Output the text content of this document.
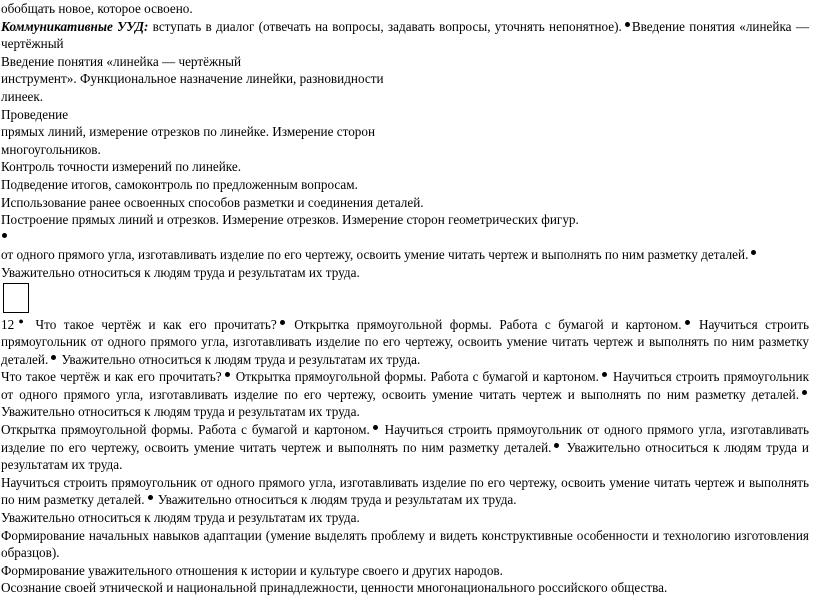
обобщать новое, которое освоено.

Коммуникативные УУД: вступать в диалог (отвечать на вопросы, задавать вопросы, уточнять непонятное). Введение понятия «линейка — чертёжный

Введение понятия «линейка — чертёжный

инструмент». Функциональное назначение линейки, разновидности

линеек.

Проведение

прямых линий, измерение отрезков по линейке. Измерение сторон

многоугольников.

Контроль точности измерений по линейке.

Подведение итогов, самоконтроль по предложенным вопросам.

Использование ранее освоенных способов разметки и соединения деталей.

Построение прямых линий и отрезков. Измерение отрезков. Измерение сторон геометрических фигур.

от одного прямого угла, изготавливать изделие по его чертежу, освоить умение читать чертеж и выполнять по ним разметку деталей. Уважительно относиться к людям труда и результатам их труда.

12● Что такое чертёж и как его прочитать? Открытка прямоугольной формы. Работа с бумагой и картоном. Научиться строить прямоугольник от одного прямого угла, изготавливать изделие по его чертежу, освоить умение читать чертеж и выполнять по ним разметку деталей. Уважительно относиться к людям труда и результатам их труда.

Что такое чертёж и как его прочитать? Открытка прямоугольной формы. Работа с бумагой и картоном. Научиться строить прямоугольник от одного прямого угла, изготавливать изделие по его чертежу, освоить умение читать чертеж и выполнять по ним разметку деталей. Уважительно относиться к людям труда и результатам их труда.

Открытка прямоугольной формы. Работа с бумагой и картоном. Научиться строить прямоугольник от одного прямого угла, изготавливать изделие по его чертежу, освоить умение читать чертеж и выполнять по ним разметку деталей. Уважительно относиться к людям труда и результатам их труда.

Научиться строить прямоугольник от одного прямого угла, изготавливать изделие по его чертежу, освоить умение читать чертеж и выполнять по ним разметку деталей. Уважительно относиться к людям труда и результатам их труда.

Уважительно относиться к людям труда и результатам их труда.

Формирование начальных навыков адаптации (умение выделять проблему и видеть конструктивные особенности и технологию изготовления образцов).

Формирование уважительного отношения к истории и культуре своего и других народов.

Осознание своей этнической и национальной принадлежности, ценности многонационального российского общества.
